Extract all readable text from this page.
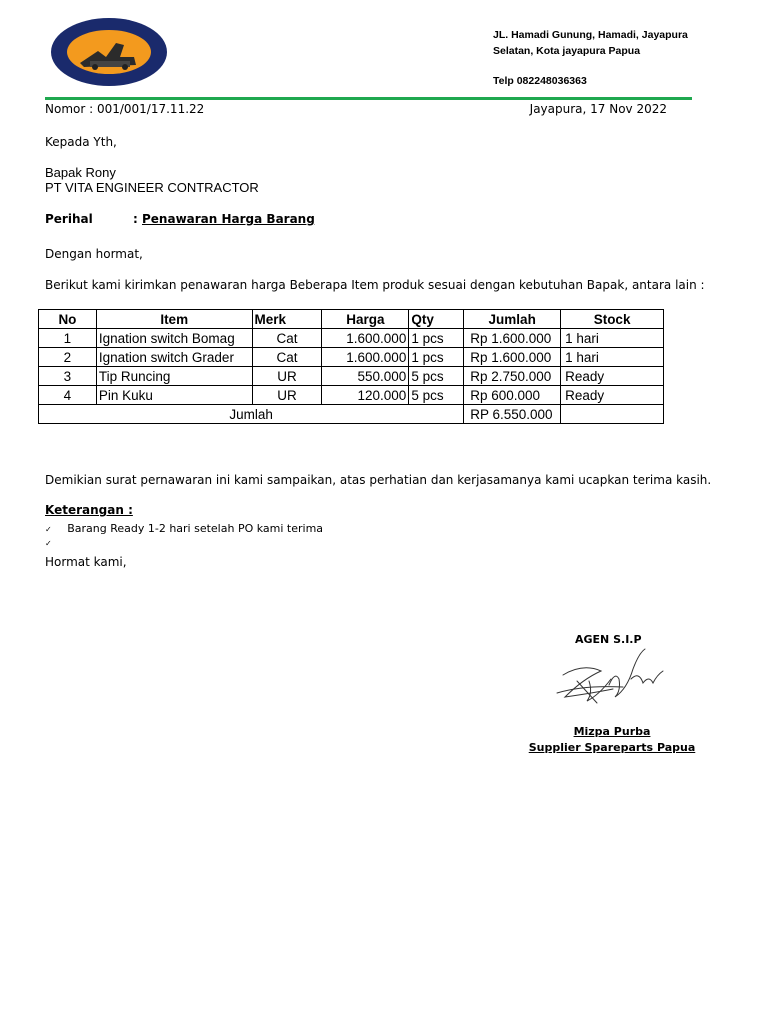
JL. Hamadi Gunung, Hamadi, Jayapura
Selatan, Kota jayapura Papua
Telp 082248036363
Nomor : 001/001/17.11.22	Jayapura, 17 Nov 2022
Kepada Yth,
Bapak Rony
PT VITA ENGINEER CONTRACTOR
Perihal	: Penawaran Harga Barang
Dengan hormat,
Berikut kami kirimkan penawaran harga Beberapa Item produk sesuai dengan kebutuhan Bapak, antara lain :
No	Item	Merk	Harga	Qty	Jumlah	Stock
1	Ignation switch Bomag	Cat	1.600.000	1 pcs	Rp 1.600.000	1 hari
2	Ignation switch Grader	Cat	1.600.000	1 pcs	Rp 1.600.000	1 hari
3	Tip Runcing	UR	550.000	5 pcs	Rp 2.750.000	Ready
4	Pin Kuku	UR	120.000	5 pcs	Rp 600.000	Ready
Jumlah					RP 6.550.000	
Demikian surat pernawaran ini kami sampaikan, atas perhatian dan kerjasamanya kami ucapkan terima kasih.
Keterangan :
✓ Barang Ready 1-2 hari setelah PO kami terima
✓
Hormat kami,
AGEN S.I.P
Mizpa Purba
Supplier Spareparts Papua
